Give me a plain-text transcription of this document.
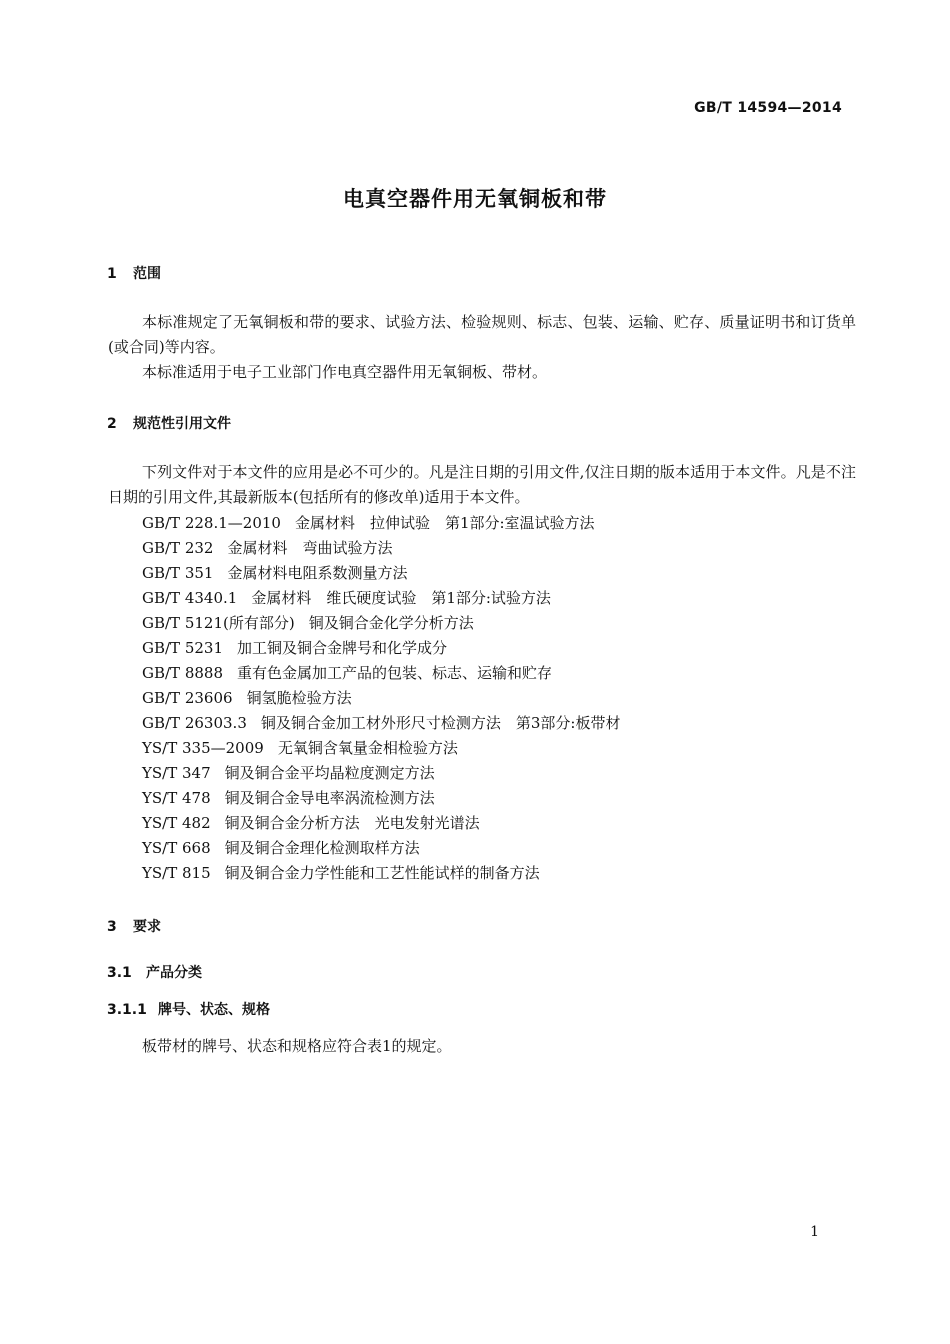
GB/T 14594—2014
电真空器件用无氧铜板和带
1 范围

本标准规定了无氧铜板和带的要求、试验方法、检验规则、标志、包装、运输、贮存、质量证明书和订货单(或合同)等内容。

本标准适用于电子工业部门作电真空器件用无氧铜板、带材。

2 规范性引用文件

下列文件对于本文件的应用是必不可少的。凡是注日期的引用文件,仅注日期的版本适用于本文件。凡是不注日期的引用文件,其最新版本(包括所有的修改单)适用于本文件。

GB/T 228.1—2010 金属材料　拉伸试验　第1部分:室温试验方法
GB/T 232 金属材料　弯曲试验方法
GB/T 351 金属材料电阻系数测量方法
GB/T 4340.1 金属材料　维氏硬度试验　第1部分:试验方法
GB/T 5121(所有部分) 铜及铜合金化学分析方法
GB/T 5231 加工铜及铜合金牌号和化学成分
GB/T 8888 重有色金属加工产品的包装、标志、运输和贮存
GB/T 23606 铜氢脆检验方法
GB/T 26303.3 铜及铜合金加工材外形尺寸检测方法　第3部分:板带材
YS/T 335—2009 无氧铜含氧量金相检验方法
YS/T 347 铜及铜合金平均晶粒度测定方法
YS/T 478 铜及铜合金导电率涡流检测方法
YS/T 482 铜及铜合金分析方法　光电发射光谱法
YS/T 668 铜及铜合金理化检测取样方法
YS/T 815 铜及铜合金力学性能和工艺性能试样的制备方法
3 要求
3.1 产品分类
3.1.1 牌号、状态、规格

板带材的牌号、状态和规格应符合表1的规定。

1
